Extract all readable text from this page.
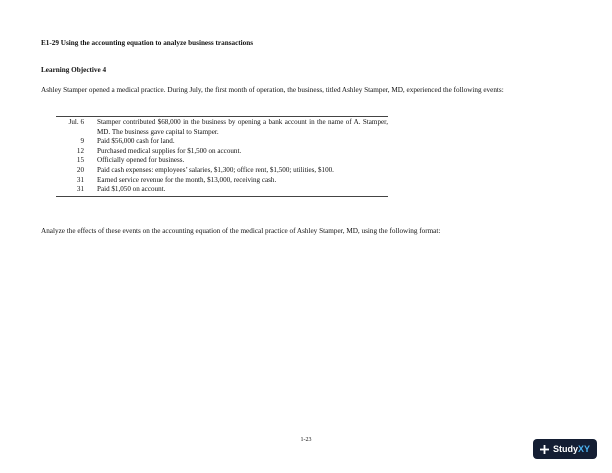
E1-29 Using the accounting equation to analyze business transactions
Learning Objective 4
Ashley Stamper opened a medical practice. During July, the first month of operation, the business, titled Ashley Stamper, MD, experienced the following events:
Jul. 6 Stamper contributed $68,000 in the business by opening a bank account in the name of A. Stamper, MD. The business gave capital to Stamper.
9 Paid $56,000 cash for land.
12 Purchased medical supplies for $1,500 on account.
15 Officially opened for business.
20 Paid cash expenses: employees’ salaries, $1,300; office rent, $1,500; utilities, $100.
31 Earned service revenue for the month, $13,000, receiving cash.
31 Paid $1,050 on account.
Analyze the effects of these events on the accounting equation of the medical practice of Ashley Stamper, MD, using the following format:
1-23
Study XY
